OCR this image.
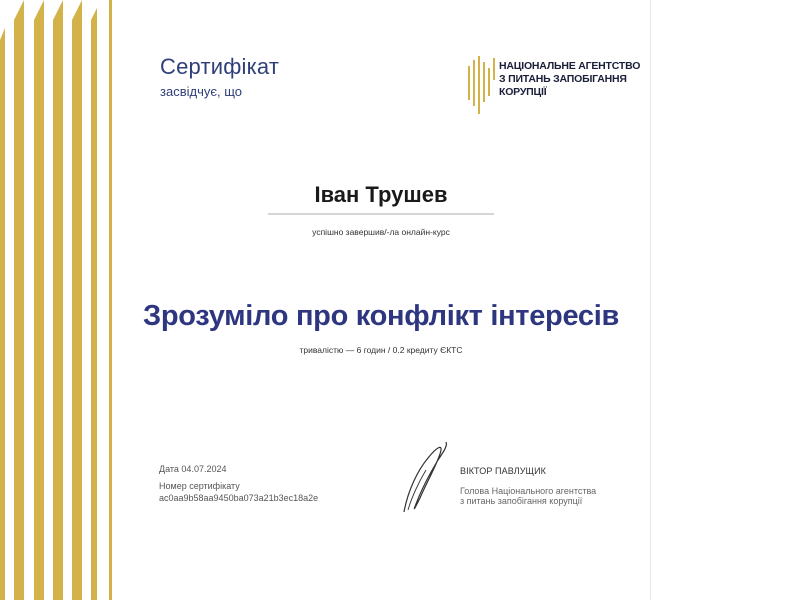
Сертифікат
засвідчує, що
НАЦІОНАЛЬНЕ АГЕНТСТВО
З ПИТАНЬ ЗАПОБІГАННЯ
КОРУПЦІЇ
Іван Трушев
успішно завершив/-ла онлайн-курс
Зрозуміло про конфлікт інтересів
тривалістю — 6 годин / 0.2 кредиту ЄКТС
Дата 04.07.2024
Номер сертифікату
ac0aa9b58aa9450ba073a21b3ec18a2e
ВІКТОР ПАВЛУЩИК
Голова Національного агентства
з питань запобігання корупції
